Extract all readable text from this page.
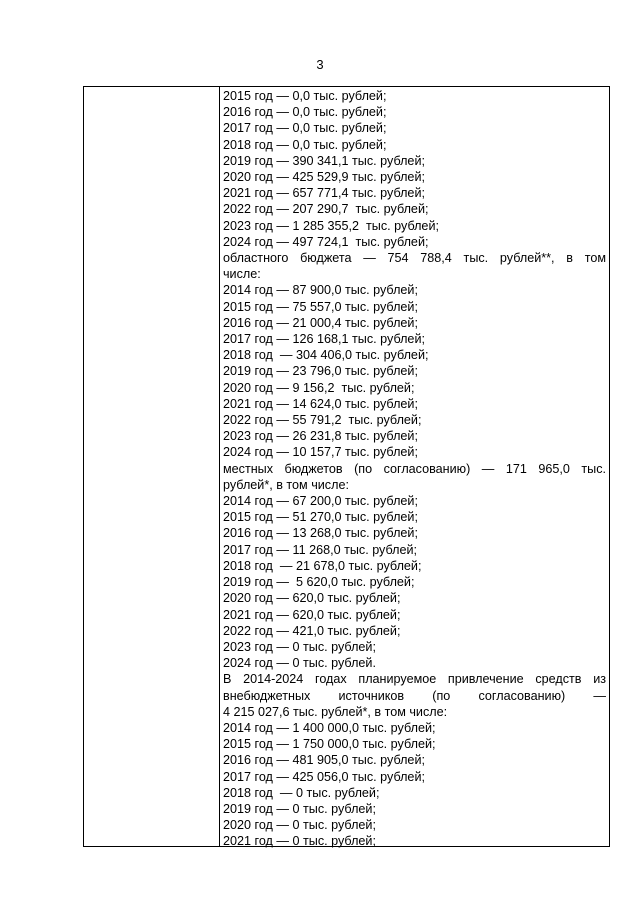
3
2015 год — 0,0 тыс. рублей;
2016 год — 0,0 тыс. рублей;
2017 год — 0,0 тыс. рублей;
2018 год — 0,0 тыс. рублей;
2019 год — 390 341,1 тыс. рублей;
2020 год — 425 529,9 тыс. рублей;
2021 год — 657 771,4 тыс. рублей;
2022 год — 207 290,7  тыс. рублей;
2023 год — 1 285 355,2  тыс. рублей;
2024 год — 497 724,1  тыс. рублей;
областного бюджета — 754 788,4 тыс. рублей**, в том
числе:
2014 год — 87 900,0 тыс. рублей;
2015 год — 75 557,0 тыс. рублей;
2016 год — 21 000,4 тыс. рублей;
2017 год — 126 168,1 тыс. рублей;
2018 год  — 304 406,0 тыс. рублей;
2019 год — 23 796,0 тыс. рублей;
2020 год — 9 156,2  тыс. рублей;
2021 год — 14 624,0 тыс. рублей;
2022 год — 55 791,2  тыс. рублей;
2023 год — 26 231,8 тыс. рублей;
2024 год — 10 157,7 тыс. рублей;
местных бюджетов (по согласованию) — 171 965,0 тыс.
рублей*, в том числе:
2014 год — 67 200,0 тыс. рублей;
2015 год — 51 270,0 тыс. рублей;
2016 год — 13 268,0 тыс. рублей;
2017 год — 11 268,0 тыс. рублей;
2018 год  — 21 678,0 тыс. рублей;
2019 год —  5 620,0 тыс. рублей;
2020 год — 620,0 тыс. рублей;
2021 год — 620,0 тыс. рублей;
2022 год — 421,0 тыс. рублей;
2023 год — 0 тыс. рублей;
2024 год — 0 тыс. рублей.
В 2014-2024 годах планируемое привлечение средств из
внебюджетных источников (по согласованию) —
4 215 027,6 тыс. рублей*, в том числе:
2014 год — 1 400 000,0 тыс. рублей;
2015 год — 1 750 000,0 тыс. рублей;
2016 год — 481 905,0 тыс. рублей;
2017 год — 425 056,0 тыс. рублей;
2018 год  — 0 тыс. рублей;
2019 год — 0 тыс. рублей;
2020 год — 0 тыс. рублей;
2021 год — 0 тыс. рублей;
